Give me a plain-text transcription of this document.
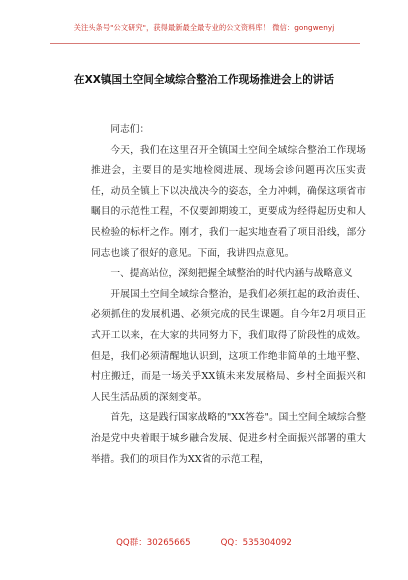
关注头条号"公文研究"，获得最新最全最专业的公文资料库！ 微信：gongwenyj
在XX镇国土空间全域综合整治工作现场推进会上的讲话

同志们：

今天，我们在这里召开全镇国土空间全域综合整治工作现场推进会，主要目的是实地检阅进展、现场会诊问题再次压实责任，动员全镇上下以决战决今的姿态，全力冲刺，确保这项省市瞩目的示范性工程，不仅要卸期竣工，更要成为经得起历史和人民检验的标杆之作。刚才，我们一起实地查看了项目沿线，部分同志也谈了很好的意见。下面，我讲四点意见。

一、提高站位，深刻把握全域整治的时代内涵与战略意义

开展国土空间全域综合整治，是我们必须扛起的政治责任、必须抓住的发展机遇、必须完成的民生课题。自今年2月项目正式开工以来，在大家的共同努力下，我们取得了阶段性的成效。但是，我们必须清醒地认识到，这项工作绝非简单的土地平整、村庄搬迁，而是一场关乎XX镇未来发展格局、乡村全面振兴和人民生活品质的深刻变革。

首先，这是践行国家战略的"XX答卷"。国土空间全域综合整治是党中央着眼于城乡融合发展、促进乡村全面振兴部署的重大举措。我们的项目作为XX省的示范工程，

QQ群：30265665	QQ：535304092
